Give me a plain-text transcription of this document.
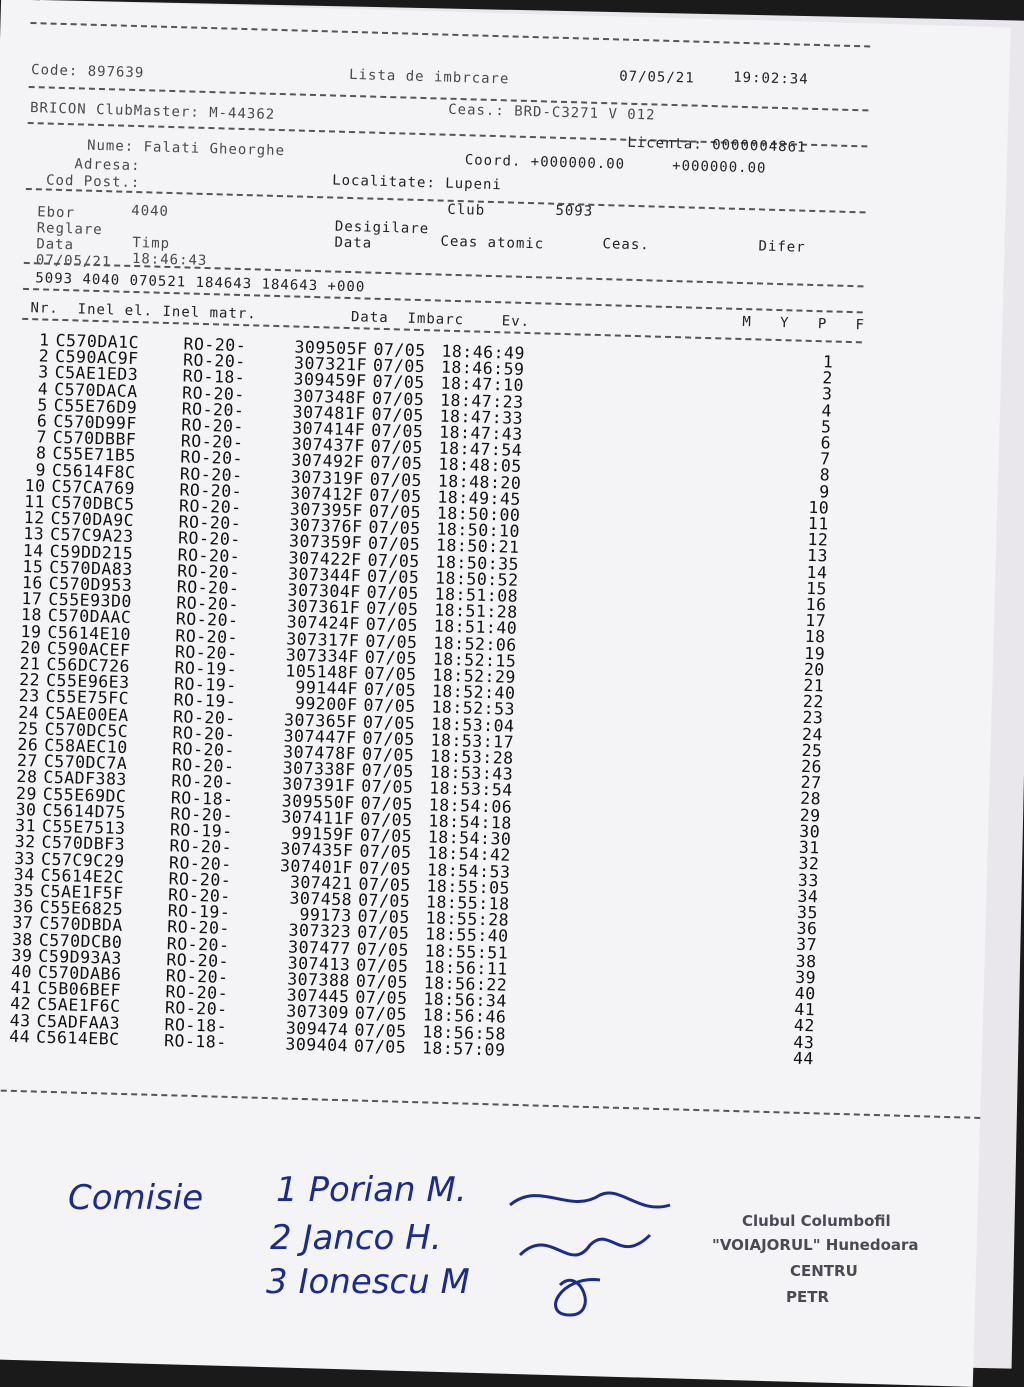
Code: 897639	Lista de imbrcare	07/05/21	19:02:34
BRICON ClubMaster: M-44362	Ceas.: BRD-C3271 V 012
Licenta: 0000004861
Nume: Falati Gheorghe
Adresa:	Coord. +000000.00     +000000.00
Cod Post.:	Localitate: Lupeni
Ebor	4040	Club	5093
Reglare	Desigilare
Data	Timp	Data	Ceas atomic	Ceas.	Difer
07/05/21 18:46:43
5093 4040 070521 184643 184643 +000
Nr.  Inel el. Inel matr.          Data  Imbarc    Ev.	M   Y   P   F
1	C570DA1C	RO-20-	309505F	07/05	18:46:49	1
2	C590AC9F	RO-20-	307321F	07/05	18:46:59	2
3	C5AE1ED3	RO-18-	309459F	07/05	18:47:10	3
4	C570DACA	RO-20-	307348F	07/05	18:47:23	4
5	C55E76D9	RO-20-	307481F	07/05	18:47:33	5
6	C570D99F	RO-20-	307414F	07/05	18:47:43	6
7	C570DBBF	RO-20-	307437F	07/05	18:47:54	7
8	C55E71B5	RO-20-	307492F	07/05	18:48:05	8
9	C5614F8C	RO-20-	307319F	07/05	18:48:20	9
10	C57CA769	RO-20-	307412F	07/05	18:49:45	10
11	C570DBC5	RO-20-	307395F	07/05	18:50:00	11
12	C570DA9C	RO-20-	307376F	07/05	18:50:10	12
13	C57C9A23	RO-20-	307359F	07/05	18:50:21	13
14	C59DD215	RO-20-	307422F	07/05	18:50:35	14
15	C570DA83	RO-20-	307344F	07/05	18:50:52	15
16	C570D953	RO-20-	307304F	07/05	18:51:08	16
17	C55E93D0	RO-20-	307361F	07/05	18:51:28	17
18	C570DAAC	RO-20-	307424F	07/05	18:51:40	18
19	C5614E10	RO-20-	307317F	07/05	18:52:06	19
20	C590ACEF	RO-20-	307334F	07/05	18:52:15	20
21	C56DC726	RO-19-	105148F	07/05	18:52:29	21
22	C55E96E3	RO-19-	99144F	07/05	18:52:40	22
23	C55E75FC	RO-19-	99200F	07/05	18:52:53	23
24	C5AE00EA	RO-20-	307365F	07/05	18:53:04	24
25	C570DC5C	RO-20-	307447F	07/05	18:53:17	25
26	C58AEC10	RO-20-	307478F	07/05	18:53:28	26
27	C570DC7A	RO-20-	307338F	07/05	18:53:43	27
28	C5ADF383	RO-20-	307391F	07/05	18:53:54	28
29	C55E69DC	RO-18-	309550F	07/05	18:54:06	29
30	C5614D75	RO-20-	307411F	07/05	18:54:18	30
31	C55E7513	RO-19-	99159F	07/05	18:54:30	31
32	C570DBF3	RO-20-	307435F	07/05	18:54:42	32
33	C57C9C29	RO-20-	307401F	07/05	18:54:53	33
34	C5614E2C	RO-20-	307421	07/05	18:55:05	34
35	C5AE1F5F	RO-20-	307458	07/05	18:55:18	35
36	C55E6825	RO-19-	99173	07/05	18:55:28	36
37	C570DBDA	RO-20-	307323	07/05	18:55:40	37
38	C570DCB0	RO-20-	307477	07/05	18:55:51	38
39	C59D93A3	RO-20-	307413	07/05	18:56:11	39
40	C570DAB6	RO-20-	307388	07/05	18:56:22	40
41	C5B06BEF	RO-20-	307445	07/05	18:56:34	41
42	C5AE1F6C	RO-20-	307309	07/05	18:56:46	42
43	C5ADFAA3	RO-18-	309474	07/05	18:56:58	43
44	C5614EBC	RO-18-	309404	07/05	18:57:09	44
Comisie 1 Porian M.
2 Janco H.
3 Ionescu M
Clubul Columbofil
"VOIAJORUL" Hunedoara
CENTRU
PETR
